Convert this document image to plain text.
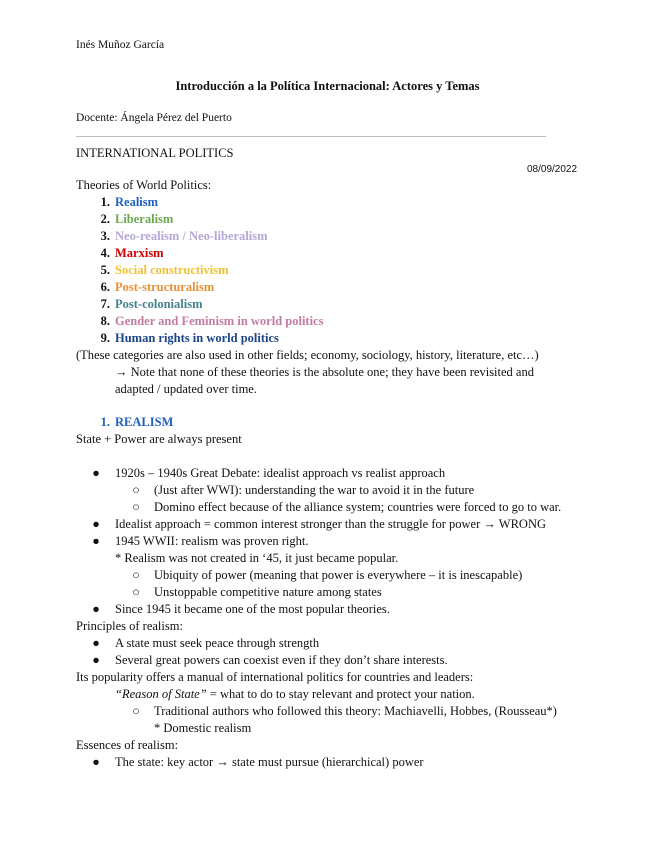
Inés Muñoz García
Introducción a la Política Internacional: Actores y Temas
Docente: Ángela Pérez del Puerto
INTERNATIONAL POLITICS
08/09/2022
Theories of World Politics:
1. Realism
2. Liberalism
3. Neo-realism / Neo-liberalism
4. Marxism
5. Social constructivism
6. Post-structuralism
7. Post-colonialism
8. Gender and Feminism in world politics
9. Human rights in world politics
(These categories are also used in other fields; economy, sociology, history, literature, etc…)
→ Note that none of these theories is the absolute one; they have been revisited and
adapted / updated over time.
1. REALISM
State + Power are always present
● 1920s – 1940s Great Debate: idealist approach vs realist approach
○ (Just after WWI): understanding the war to avoid it in the future
○ Domino effect because of the alliance system; countries were forced to go to war.
● Idealist approach = common interest stronger than the struggle for power → WRONG
● 1945 WWII: realism was proven right.
* Realism was not created in ‘45, it just became popular.
○ Ubiquity of power (meaning that power is everywhere – it is inescapable)
○ Unstoppable competitive nature among states
● Since 1945 it became one of the most popular theories.
Principles of realism:
● A state must seek peace through strength
● Several great powers can coexist even if they don’t share interests.
Its popularity offers a manual of international politics for countries and leaders:
“Reason of State” = what to do to stay relevant and protect your nation.
○ Traditional authors who followed this theory: Machiavelli, Hobbes, (Rousseau*)
* Domestic realism
Essences of realism:
● The state: key actor → state must pursue (hierarchical) power
